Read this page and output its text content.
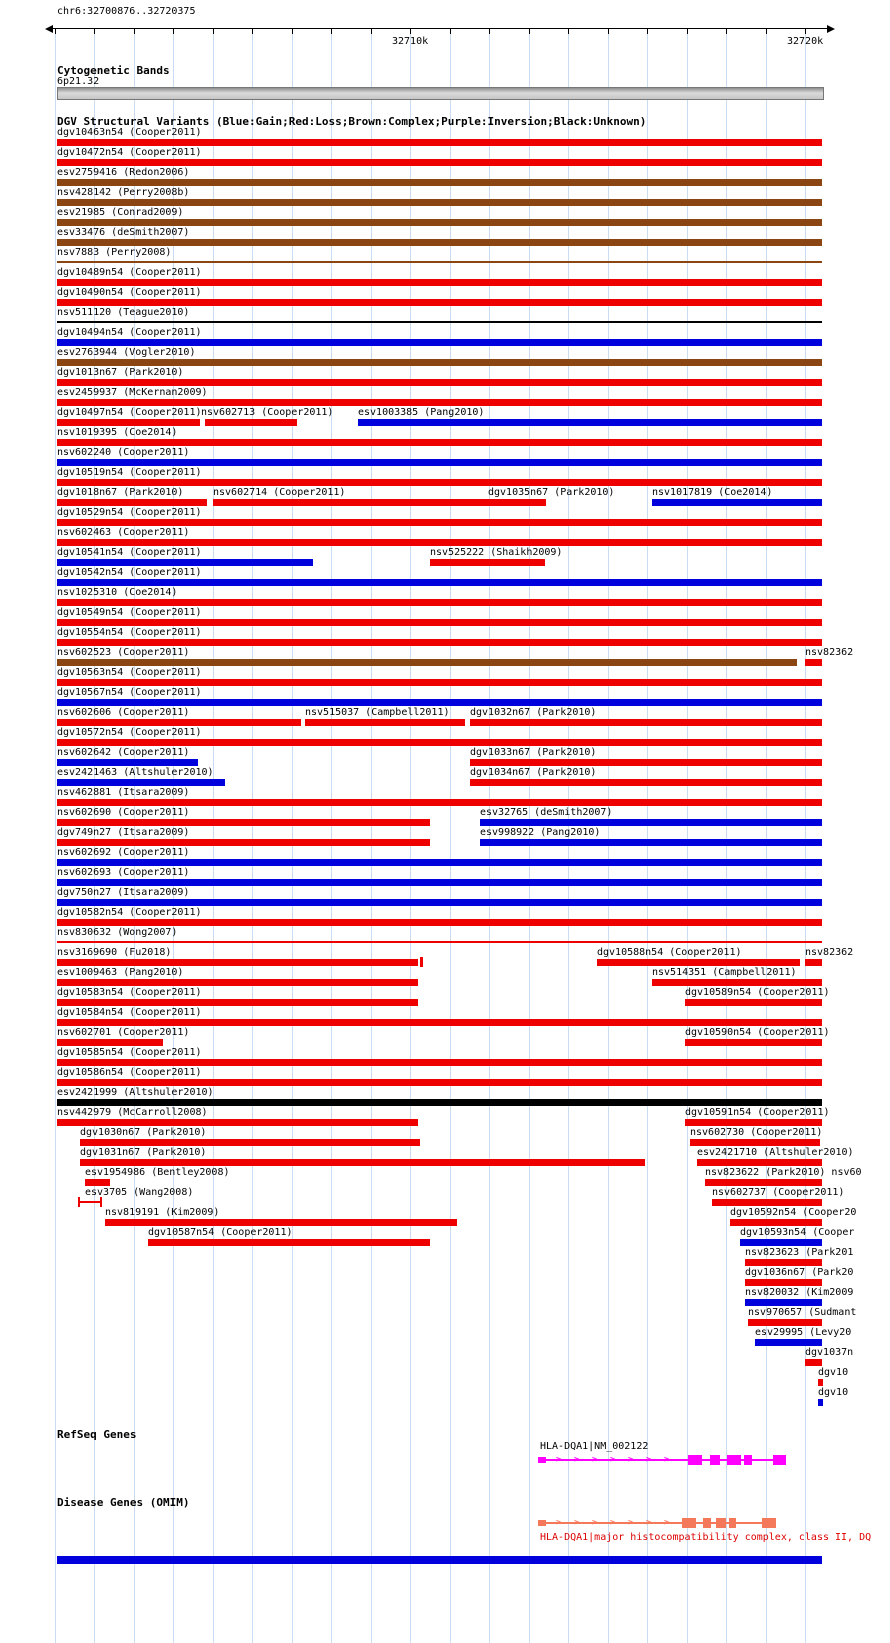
chr6:32700876..32720375
Cytogenetic Bands
6p21.32
DGV Structural Variants (Blue:Gain;Red:Loss;Brown:Complex;Purple:Inversion;Black:Unknown)
RefSeq Genes
Disease Genes (OMIM)
32710k	32720k
dgv10463n54 (Cooper2011)
dgv10472n54 (Cooper2011)
esv2759416 (Redon2006)
nsv428142 (Perry2008b)
esv21985 (Conrad2009)
esv33476 (deSmith2007)
nsv7883 (Perry2008)
dgv10489n54 (Cooper2011)
dgv10490n54 (Cooper2011)
nsv511120 (Teague2010)
dgv10494n54 (Cooper2011)
esv2763944 (Vogler2010)
dgv1013n67 (Park2010)
esv2459937 (McKernan2009)
dgv10497n54 (Cooper2011) nsv602713 (Cooper2011) esv1003385 (Pang2010)
nsv1019395 (Coe2014)
nsv602240 (Cooper2011)
dgv10519n54 (Cooper2011)
dgv1018n67 (Park2010)	nsv602714 (Cooper2011)	dgv1035n67 (Park2010)	nsv1017819 (Coe2014)
dgv10529n54 (Cooper2011)
nsv602463 (Cooper2011)
dgv10541n54 (Cooper2011)	nsv525222 (Shaikh2009)
dgv10542n54 (Cooper2011)
nsv1025310 (Coe2014)
dgv10549n54 (Cooper2011)
dgv10554n54 (Cooper2011)
nsv602523 (Cooper2011)	nsv82362
dgv10563n54 (Cooper2011)
dgv10567n54 (Cooper2011)
nsv602606 (Cooper2011)	nsv515037 (Campbell2011) dgv1032n67 (Park2010)
dgv10572n54 (Cooper2011)
nsv602642 (Cooper2011)	dgv1033n67 (Park2010)
esv2421463 (Altshuler2010)	dgv1034n67 (Park2010)
nsv462881 (Itsara2009)
nsv602690 (Cooper2011)	esv32765 (deSmith2007)
dgv749n27 (Itsara2009)	esv998922 (Pang2010)
nsv602692 (Cooper2011)
nsv602693 (Cooper2011)
dgv750n27 (Itsara2009)
dgv10582n54 (Cooper2011)
nsv830632 (Wong2007)
nsv3169690 (Fu2018)	dgv10588n54 (Cooper2011)	nsv82362
esv1009463 (Pang2010)	nsv514351 (Campbell2011)
dgv10583n54 (Cooper2011)	dgv10589n54 (Cooper2011)
dgv10584n54 (Cooper2011)
nsv602701 (Cooper2011)	dgv10590n54 (Cooper2011)
dgv10585n54 (Cooper2011)
dgv10586n54 (Cooper2011)
esv2421999 (Altshuler2010)
nsv442979 (McCarroll2008)	dgv10591n54 (Cooper2011)
dgv1030n67 (Park2010)	nsv602730 (Cooper2011)
dgv1031n67 (Park2010)	esv2421710 (Altshuler2010)
esv1954986 (Bentley2008)	nsv823622 (Park2010) nsv60
esv3705 (Wang2008)	nsv602737 (Cooper2011)
nsv819191 (Kim2009)	dgv10592n54 (Cooper20
dgv10587n54 (Cooper2011)	dgv10593n54 (Cooper
nsv823623 (Park201
dgv1036n67 (Park20
nsv820032 (Kim2009
nsv970657 (Sudmant
esv29995 (Levy20
dgv1037n
dgv10
dgv10
> > > > > > >
HLA-DQA1|NM_002122
> > > > > > >
HLA-DQA1|major histocompatibility complex, class II, DQ
